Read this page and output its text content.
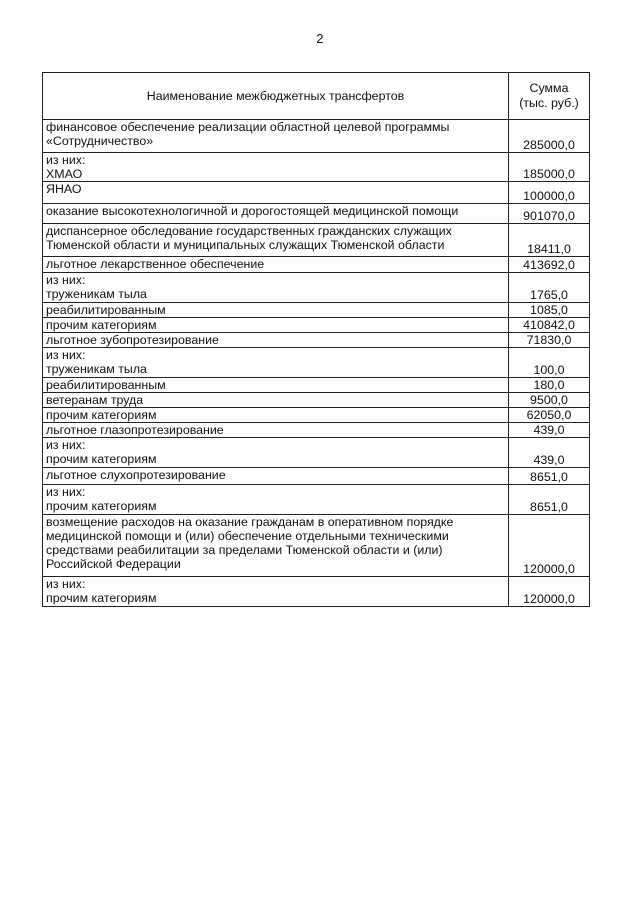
2
Наименование межбюджетных трансфертов	Сумма
(тыс. руб.)
финансовое обеспечение реализации областной целевой программы
«Сотрудничество»	285000,0
из них:
ХМАО	185000,0
ЯНАО	100000,0
оказание высокотехнологичной и дорогостоящей медицинской помощи	901070,0
диспансерное обследование государственных гражданских служащих
Тюменской области и муниципальных служащих Тюменской области	18411,0
льготное лекарственное обеспечение	413692,0
из них:
труженикам тыла	1765,0
реабилитированным	1085,0
прочим категориям	410842,0
льготное зубопротезирование	71830,0
из них:
труженикам тыла	100,0
реабилитированным	180,0
ветеранам труда	9500,0
прочим категориям	62050,0
льготное глазопротезирование	439,0
из них:
прочим категориям	439,0
льготное слухопротезирование	8651,0
из них:
прочим категориям	8651,0
возмещение расходов на оказание гражданам в оперативном порядке
медицинской помощи и (или) обеспечение отдельными техническими
средствами реабилитации за пределами Тюменской области и (или)
Российской Федерации	120000,0
из них:
прочим категориям	120000,0
